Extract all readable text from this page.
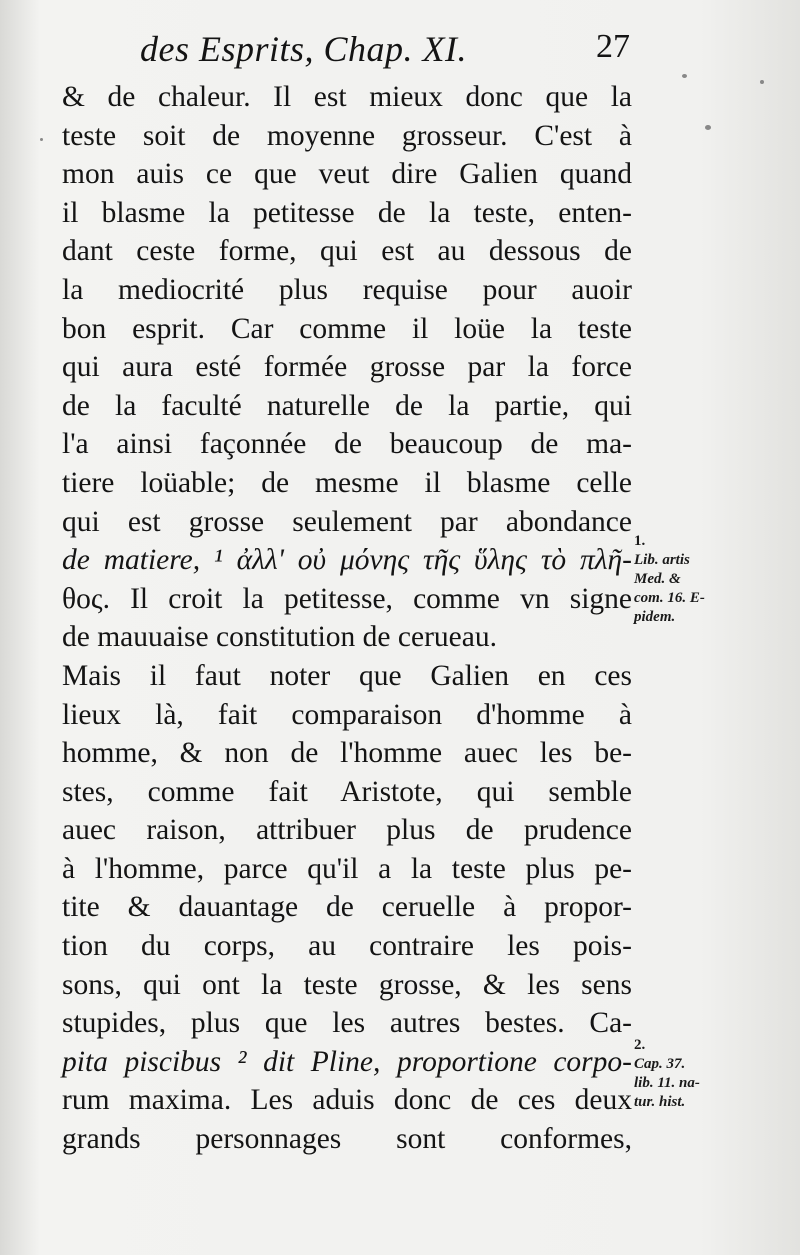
des Esprits, Chap. XI.	27
& de chaleur. Il est mieux donc que la
teste soit de moyenne grosseur. C'est à
mon auis ce que veut dire Galien quand
il blasme la petitesse de la teste, enten-
dant ceste forme, qui est au dessous de
la mediocrité plus requise pour auoir
bon esprit. Car comme il loüe la teste
qui aura esté formée grosse par la force
de la faculté naturelle de la partie, qui
l'a ainsi façonnée de beaucoup de ma-
tiere loüable; de mesme il blasme celle
qui est grosse seulement par abondance
de matiere, ¹ ἀλλ' οὐ μόνης τῆς ὕλης τὸ πλῆ-
θος. Il croit la petitesse, comme vn signe
de mauuaise constitution de cerueau.
Mais il faut noter que Galien en ces
lieux là, fait comparaison d'homme à
homme, & non de l'homme auec les be-
stes, comme fait Aristote, qui semble
auec raison, attribuer plus de prudence
à l'homme, parce qu'il a la teste plus pe-
tite & dauantage de ceruelle à propor-
tion du corps, au contraire les pois-
sons, qui ont la teste grosse, & les sens
stupides, plus que les autres bestes. Ca-
pita piscibus ² dit Pline, proportione corpo-
rum maxima. Les aduis donc de ces deux
grands personnages sont conformes,
1.
Lib. artis
Med. &
com. 16. E-
pidem.
2.
Cap. 37.
lib. 11. na-
tur. hist.
